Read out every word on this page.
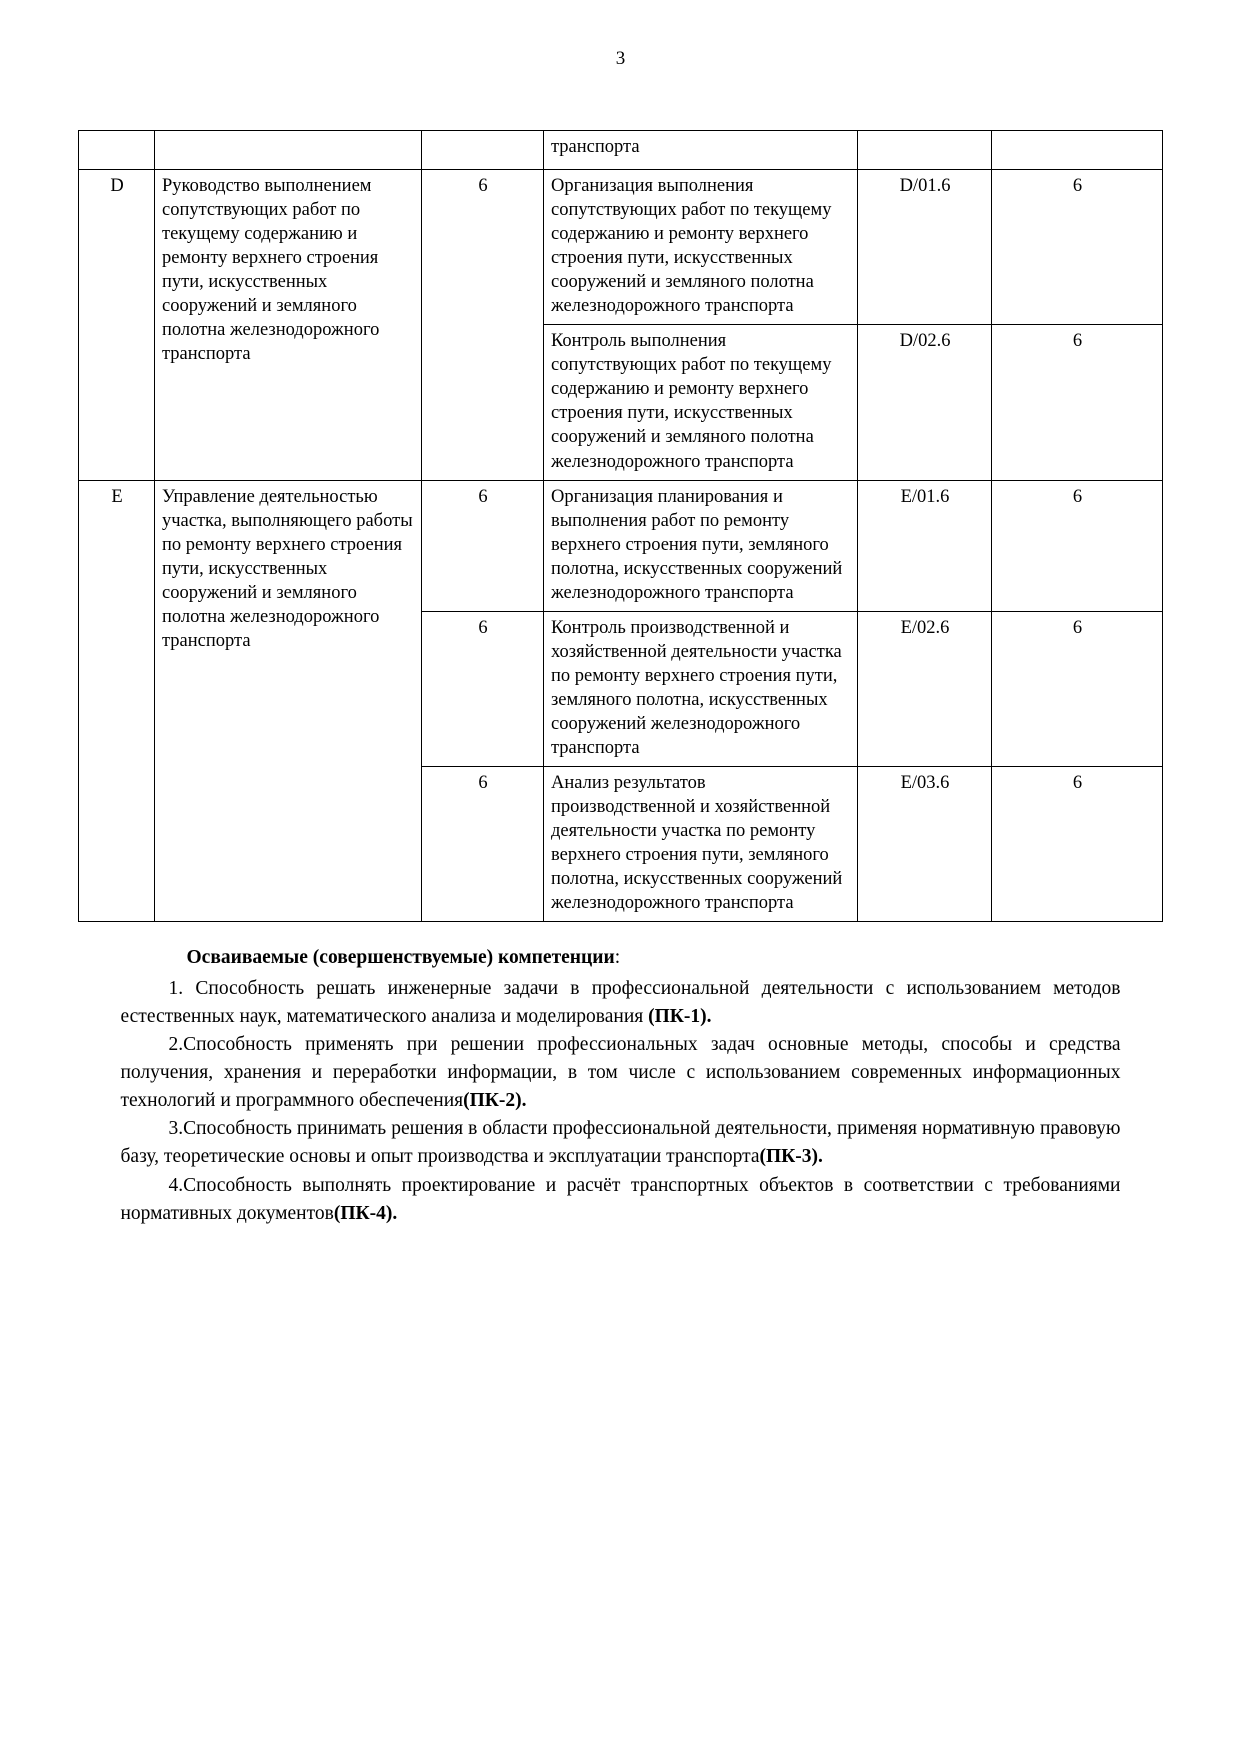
3
			транспорта		
D	Руководство выполнением сопутствующих работ по текущему содержанию и ремонту верхнего строения пути, искусственных сооружений и земляного полотна железнодорожного транспорта	6	Организация выполнения сопутствующих работ по текущему содержанию и ремонту верхнего строения пути, искусственных сооружений и земляного полотна железнодорожного транспорта	D/01.6	6
			Контроль выполнения сопутствующих работ по текущему содержанию и ремонту верхнего строения пути, искусственных сооружений и земляного полотна железнодорожного транспорта	D/02.6	6
E	Управление деятельностью участка, выполняющего работы по ремонту верхнего строения пути, искусственных сооружений и земляного полотна железнодорожного транспорта	6	Организация планирования и выполнения работ по ремонту верхнего строения пути, земляного полотна, искусственных сооружений железнодорожного транспорта	E/01.6	6
		6	Контроль производственной и хозяйственной деятельности участка по ремонту верхнего строения пути, земляного полотна, искусственных сооружений железнодорожного транспорта	E/02.6	6
		6	Анализ результатов производственной и хозяйственной деятельности участка по ремонту верхнего строения пути, земляного полотна, искусственных сооружений железнодорожного транспорта	E/03.6	6

Осваиваемые (совершенствуемые) компетенции:

1. Способность решать инженерные задачи в профессиональной деятельности с использованием методов естественных наук, математического анализа и моделирования (ПК-1).

2.Способность применять при решении профессиональных задач основные методы, способы и средства получения, хранения и переработки информации, в том числе с использованием современных информационных технологий и программного обеспечения(ПК-2).

3.Способность принимать решения в области профессиональной деятельности, применяя нормативную правовую базу, теоретические основы и опыт производства и эксплуатации транспорта(ПК-3).

4.Способность выполнять проектирование и расчёт транспортных объектов в соответствии с требованиями нормативных документов(ПК-4).
